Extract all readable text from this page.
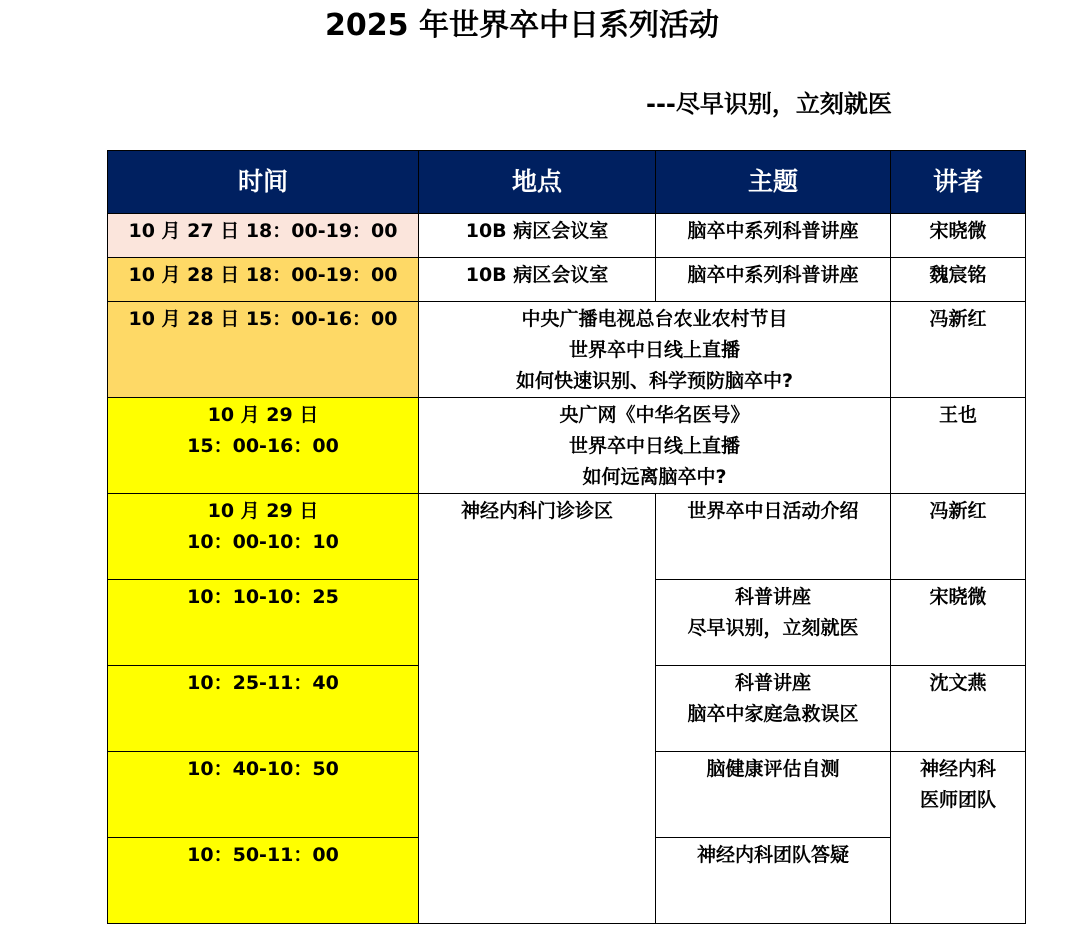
2025 年世界卒中日系列活动
---尽早识别，立刻就医
时间	地点	主题	讲者

10 月 27 日 18：00-19：00	10B 病区会议室	脑卒中系列科普讲座	宋晓微

10 月 28 日 18：00-19：00	10B 病区会议室	脑卒中系列科普讲座	魏宸铭

10 月 28 日 15：00-16：00	中央广播电视总台农业农村节目
世界卒中日线上直播
如何快速识别、科学预防脑卒中?		冯新红

10 月 29 日
15：00-16：00	央广网《中华名医号》
世界卒中日线上直播
如何远离脑卒中?		王也

10 月 29 日
10：00-10：10	神经内科门诊诊区	世界卒中日活动介绍	冯新红

10：10-10：25		科普讲座
尽早识别，立刻就医	宋晓微

10：25-11：40		科普讲座
脑卒中家庭急救误区	沈文燕

10：40-10：50		脑健康评估自测	神经内科
医师团队

10：50-11：00		神经内科团队答疑	
